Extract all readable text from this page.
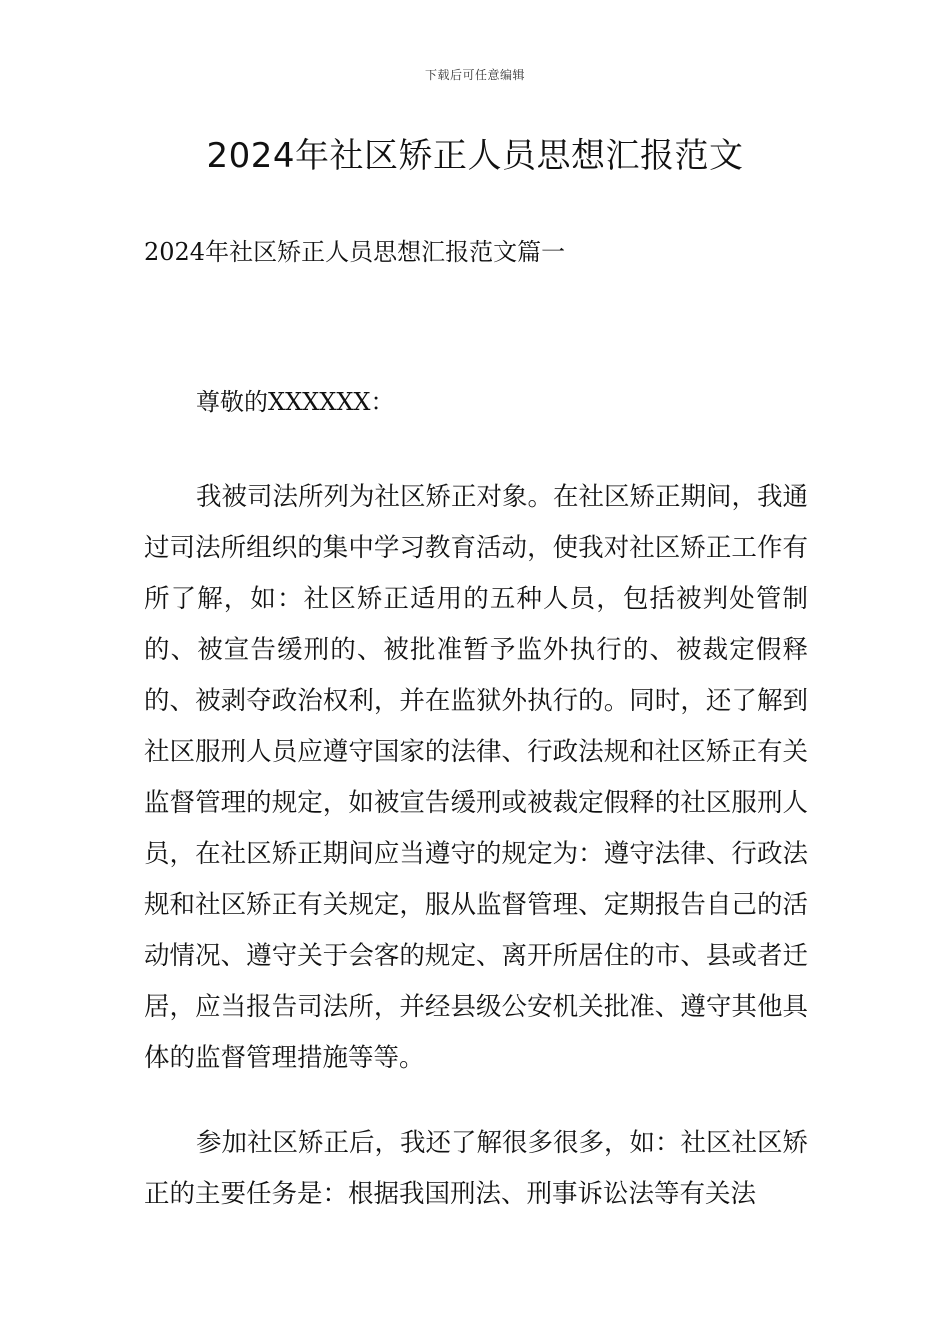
下载后可任意编辑
2024年社区矫正人员思想汇报范文

2024年社区矫正人员思想汇报范文篇一

尊敬的XXXXXX：

我被司法所列为社区矫正对象。在社区矫正期间，我通过司法所组织的集中学习教育活动，使我对社区矫正工作有所了解，如：社区矫正适用的五种人员，包括被判处管制的、被宣告缓刑的、被批准暂予监外执行的、被裁定假释的、被剥夺政治权利，并在监狱外执行的。同时，还了解到社区服刑人员应遵守国家的法律、行政法规和社区矫正有关监督管理的规定，如被宣告缓刑或被裁定假释的社区服刑人员，在社区矫正期间应当遵守的规定为：遵守法律、行政法规和社区矫正有关规定，服从监督管理、定期报告自己的活动情况、遵守关于会客的规定、离开所居住的市、县或者迁居，应当报告司法所，并经县级公安机关批准、遵守其他具体的监督管理措施等等。

参加社区矫正后，我还了解很多很多，如：社区社区矫正的主要任务是：根据我国刑法、刑事诉讼法等有关法
